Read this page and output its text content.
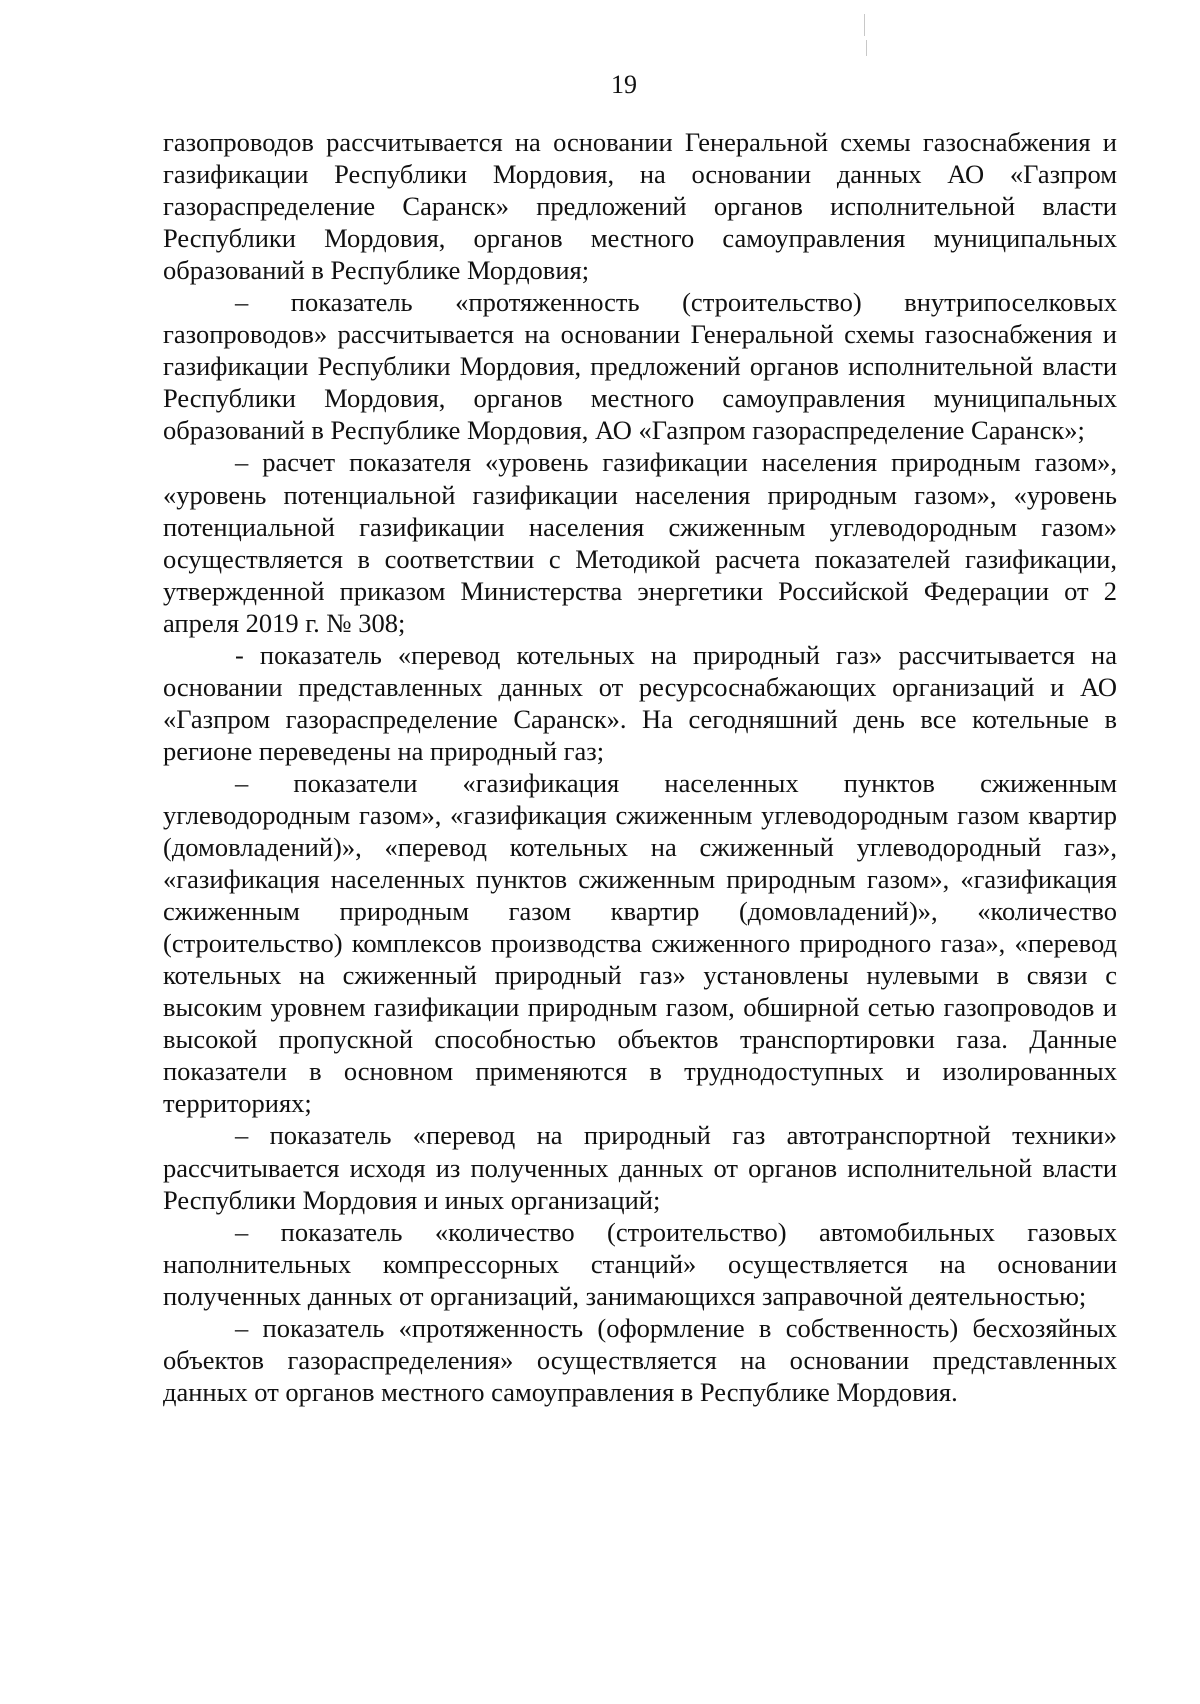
19

газопроводов рассчитывается на основании Генеральной схемы газоснабжения и газификации Республики Мордовия, на основании данных АО «Газпром газораспределение Саранск» предложений органов исполнительной власти Республики Мордовия, органов местного самоуправления муниципальных образований в Республике Мордовия;

– показатель «протяженность (строительство) внутрипоселковых газопроводов» рассчитывается на основании Генеральной схемы газоснабжения и газификации Республики Мордовия, предложений органов исполнительной власти Республики Мордовия, органов местного самоуправления муниципальных образований в Республике Мордовия, АО «Газпром газораспределение Саранск»;

– расчет показателя «уровень газификации населения природным газом», «уровень потенциальной газификации населения природным газом», «уровень потенциальной газификации населения сжиженным углеводородным газом» осуществляется в соответствии с Методикой расчета показателей газификации, утвержденной приказом Министерства энергетики Российской Федерации от 2 апреля 2019 г. № 308;

- показатель «перевод котельных на природный газ» рассчитывается на основании представленных данных от ресурсоснабжающих организаций и АО «Газпром газораспределение Саранск». На сегодняшний день все котельные в регионе переведены на природный газ;

– показатели «газификация населенных пунктов сжиженным углеводородным газом», «газификация сжиженным углеводородным газом квартир (домовладений)», «перевод котельных на сжиженный углеводородный газ», «газификация населенных пунктов сжиженным природным газом», «газификация сжиженным природным газом квартир (домовладений)», «количество (строительство) комплексов производства сжиженного природного газа», «перевод котельных на сжиженный природный газ» установлены нулевыми в связи с высоким уровнем газификации природным газом, обширной сетью газопроводов и высокой пропускной способностью объектов транспортировки газа. Данные показатели в основном применяются в труднодоступных и изолированных территориях;

– показатель «перевод на природный газ автотранспортной техники» рассчитывается исходя из полученных данных от органов исполнительной власти Республики Мордовия и иных организаций;

– показатель «количество (строительство) автомобильных газовых наполнительных компрессорных станций» осуществляется на основании полученных данных от организаций, занимающихся заправочной деятельностью;

– показатель «протяженность (оформление в собственность) бесхозяйных объектов газораспределения» осуществляется на основании представленных данных от органов местного самоуправления в Республике Мордовия.
